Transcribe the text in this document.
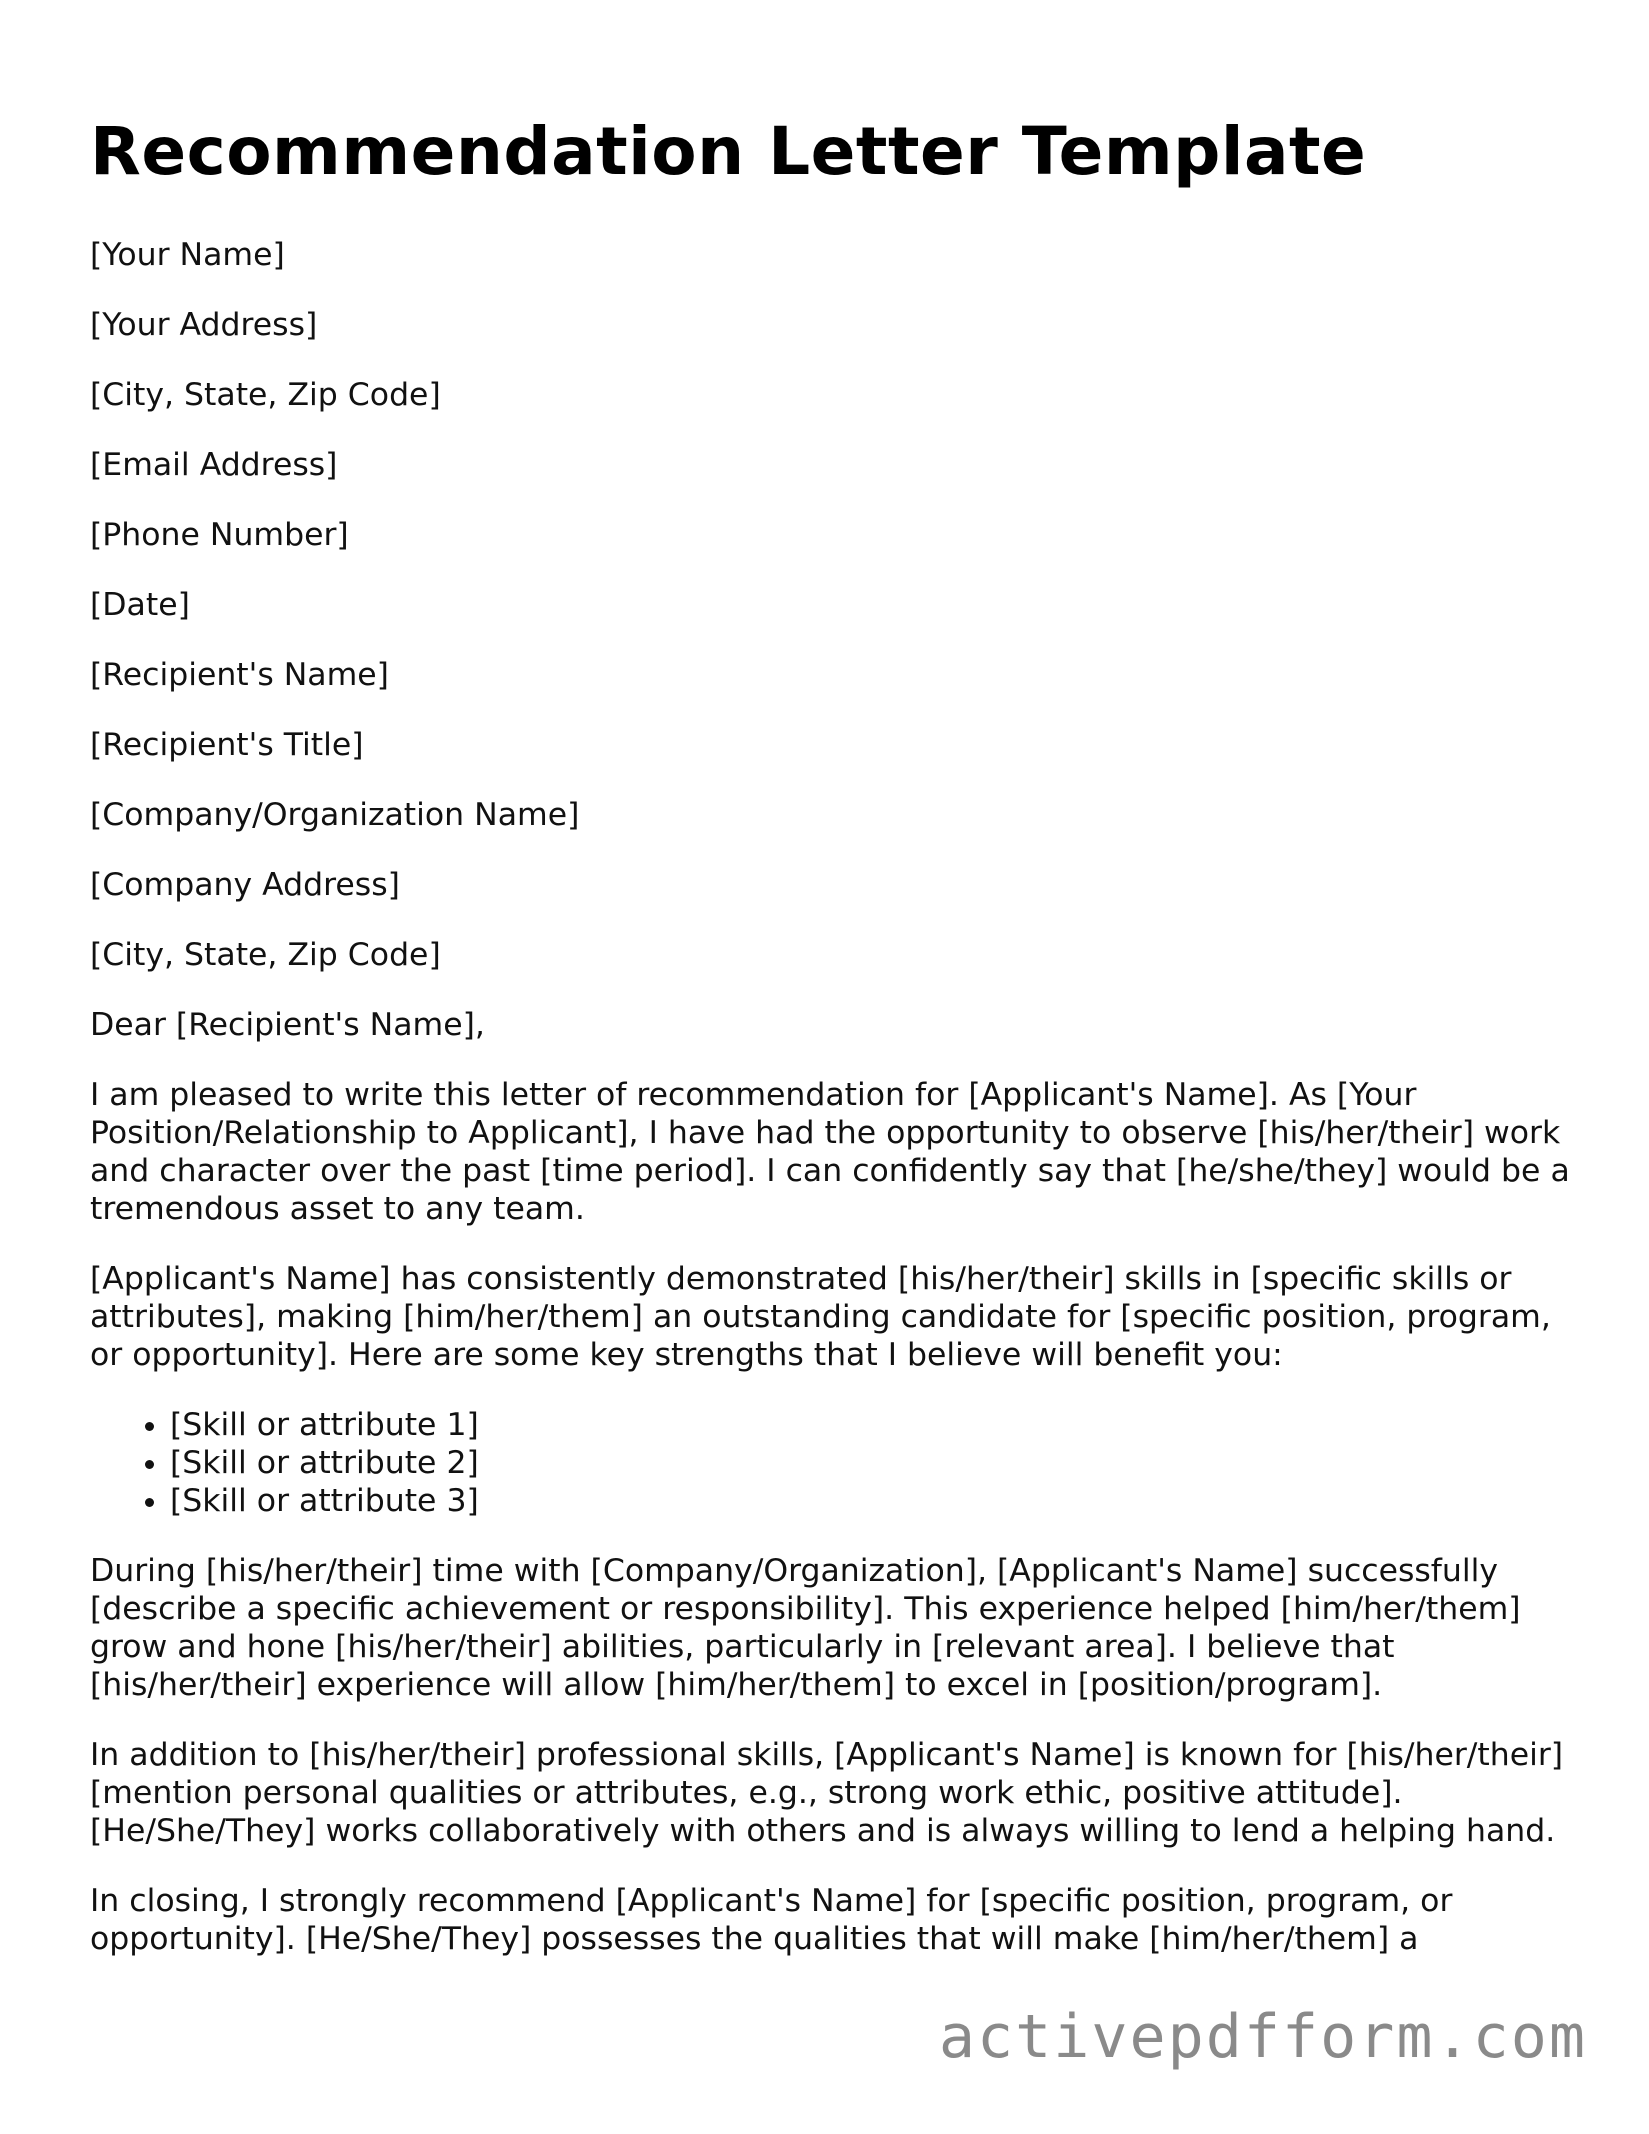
Recommendation Letter Template
[Your Name]
[Your Address]
[City, State, Zip Code]
[Email Address]
[Phone Number]
[Date]
[Recipient's Name]
[Recipient's Title]
[Company/Organization Name]
[Company Address]
[City, State, Zip Code]
Dear [Recipient's Name],

I am pleased to write this letter of recommendation for [Applicant's Name]. As [Your Position/Relationship to Applicant], I have had the opportunity to observe [his/her/their] work and character over the past [time period]. I can confidently say that [he/she/they] would be a tremendous asset to any team.

[Applicant's Name] has consistently demonstrated [his/her/their] skills in [specific skills or attributes], making [him/her/them] an outstanding candidate for [specific position, program, or opportunity]. Here are some key strengths that I believe will benefit you:

• [Skill or attribute 1]
• [Skill or attribute 2]
• [Skill or attribute 3]

During [his/her/their] time with [Company/Organization], [Applicant's Name] successfully [describe a specific achievement or responsibility]. This experience helped [him/her/them] grow and hone [his/her/their] abilities, particularly in [relevant area]. I believe that [his/her/their] experience will allow [him/her/them] to excel in [position/program].

In addition to [his/her/their] professional skills, [Applicant's Name] is known for [his/her/their] [mention personal qualities or attributes, e.g., strong work ethic, positive attitude]. [He/She/They] works collaboratively with others and is always willing to lend a helping hand.

In closing, I strongly recommend [Applicant's Name] for [specific position, program, or opportunity]. [He/She/They] possesses the qualities that will make [him/her/them] a

activepdfform.com
